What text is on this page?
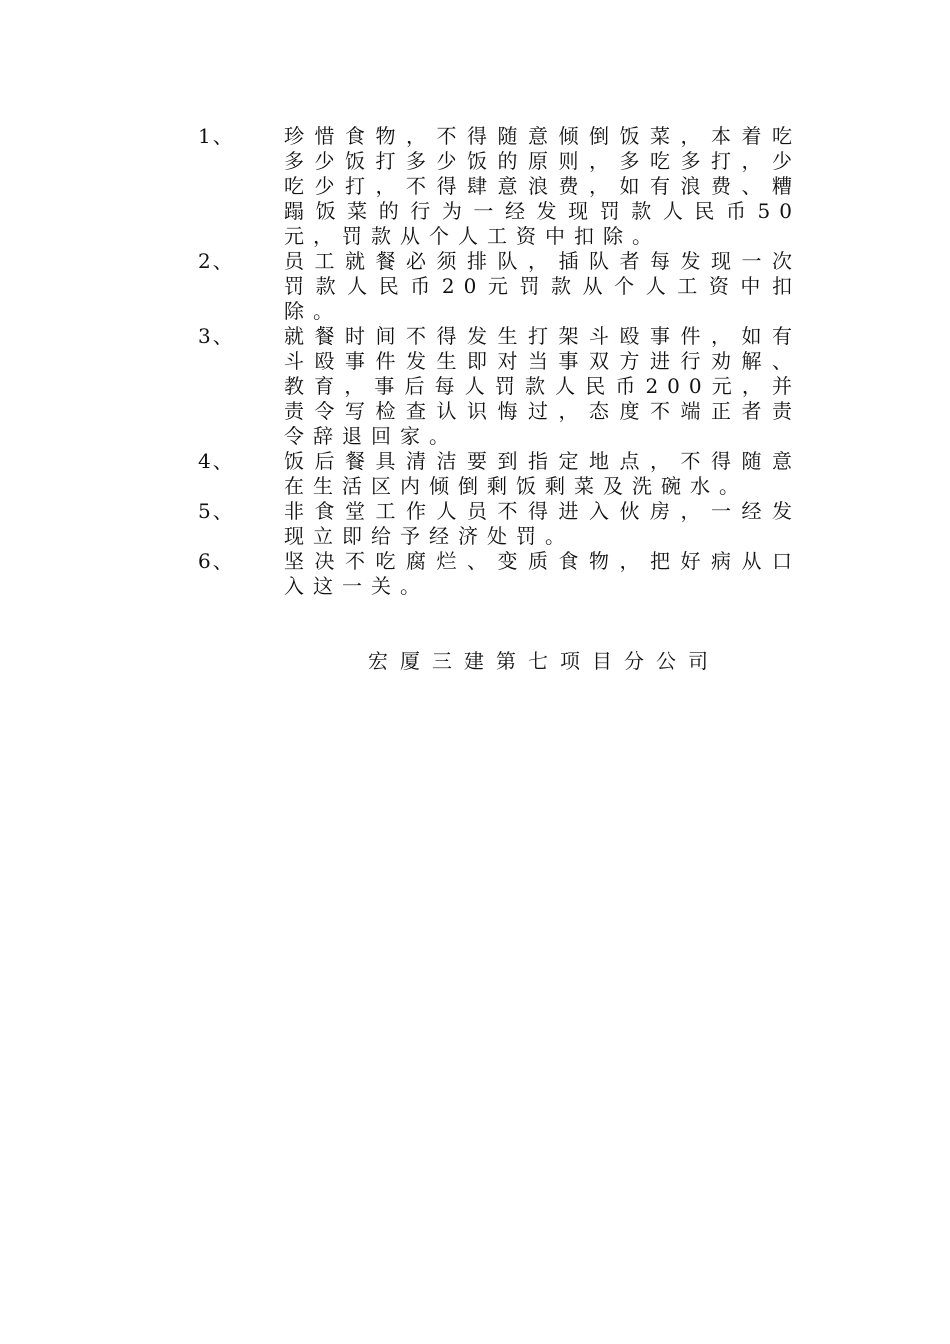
1、	珍惜食物，不得随意倾倒饭菜，本着吃多少饭打多少饭的原则，多吃多打，少吃少打，不得肆意浪费，如有浪费、糟蹋饭菜的行为一经发现罚款人民币50元，罚款从个人工资中扣除。
2、	员工就餐必须排队，插队者每发现一次罚款人民币20元罚款从个人工资中扣除。
3、	就餐时间不得发生打架斗殴事件，如有斗殴事件发生即对当事双方进行劝解、教育，事后每人罚款人民币200元，并责令写检查认识悔过，态度不端正者责令辞退回家。
4、	饭后餐具清洁要到指定地点，不得随意在生活区内倾倒剩饭剩菜及洗碗水。
5、	非食堂工作人员不得进入伙房，一经发现立即给予经济处罚。
6、	坚决不吃腐烂、变质食物，把好病从口入这一关。
宏厦三建第七项目分公司
